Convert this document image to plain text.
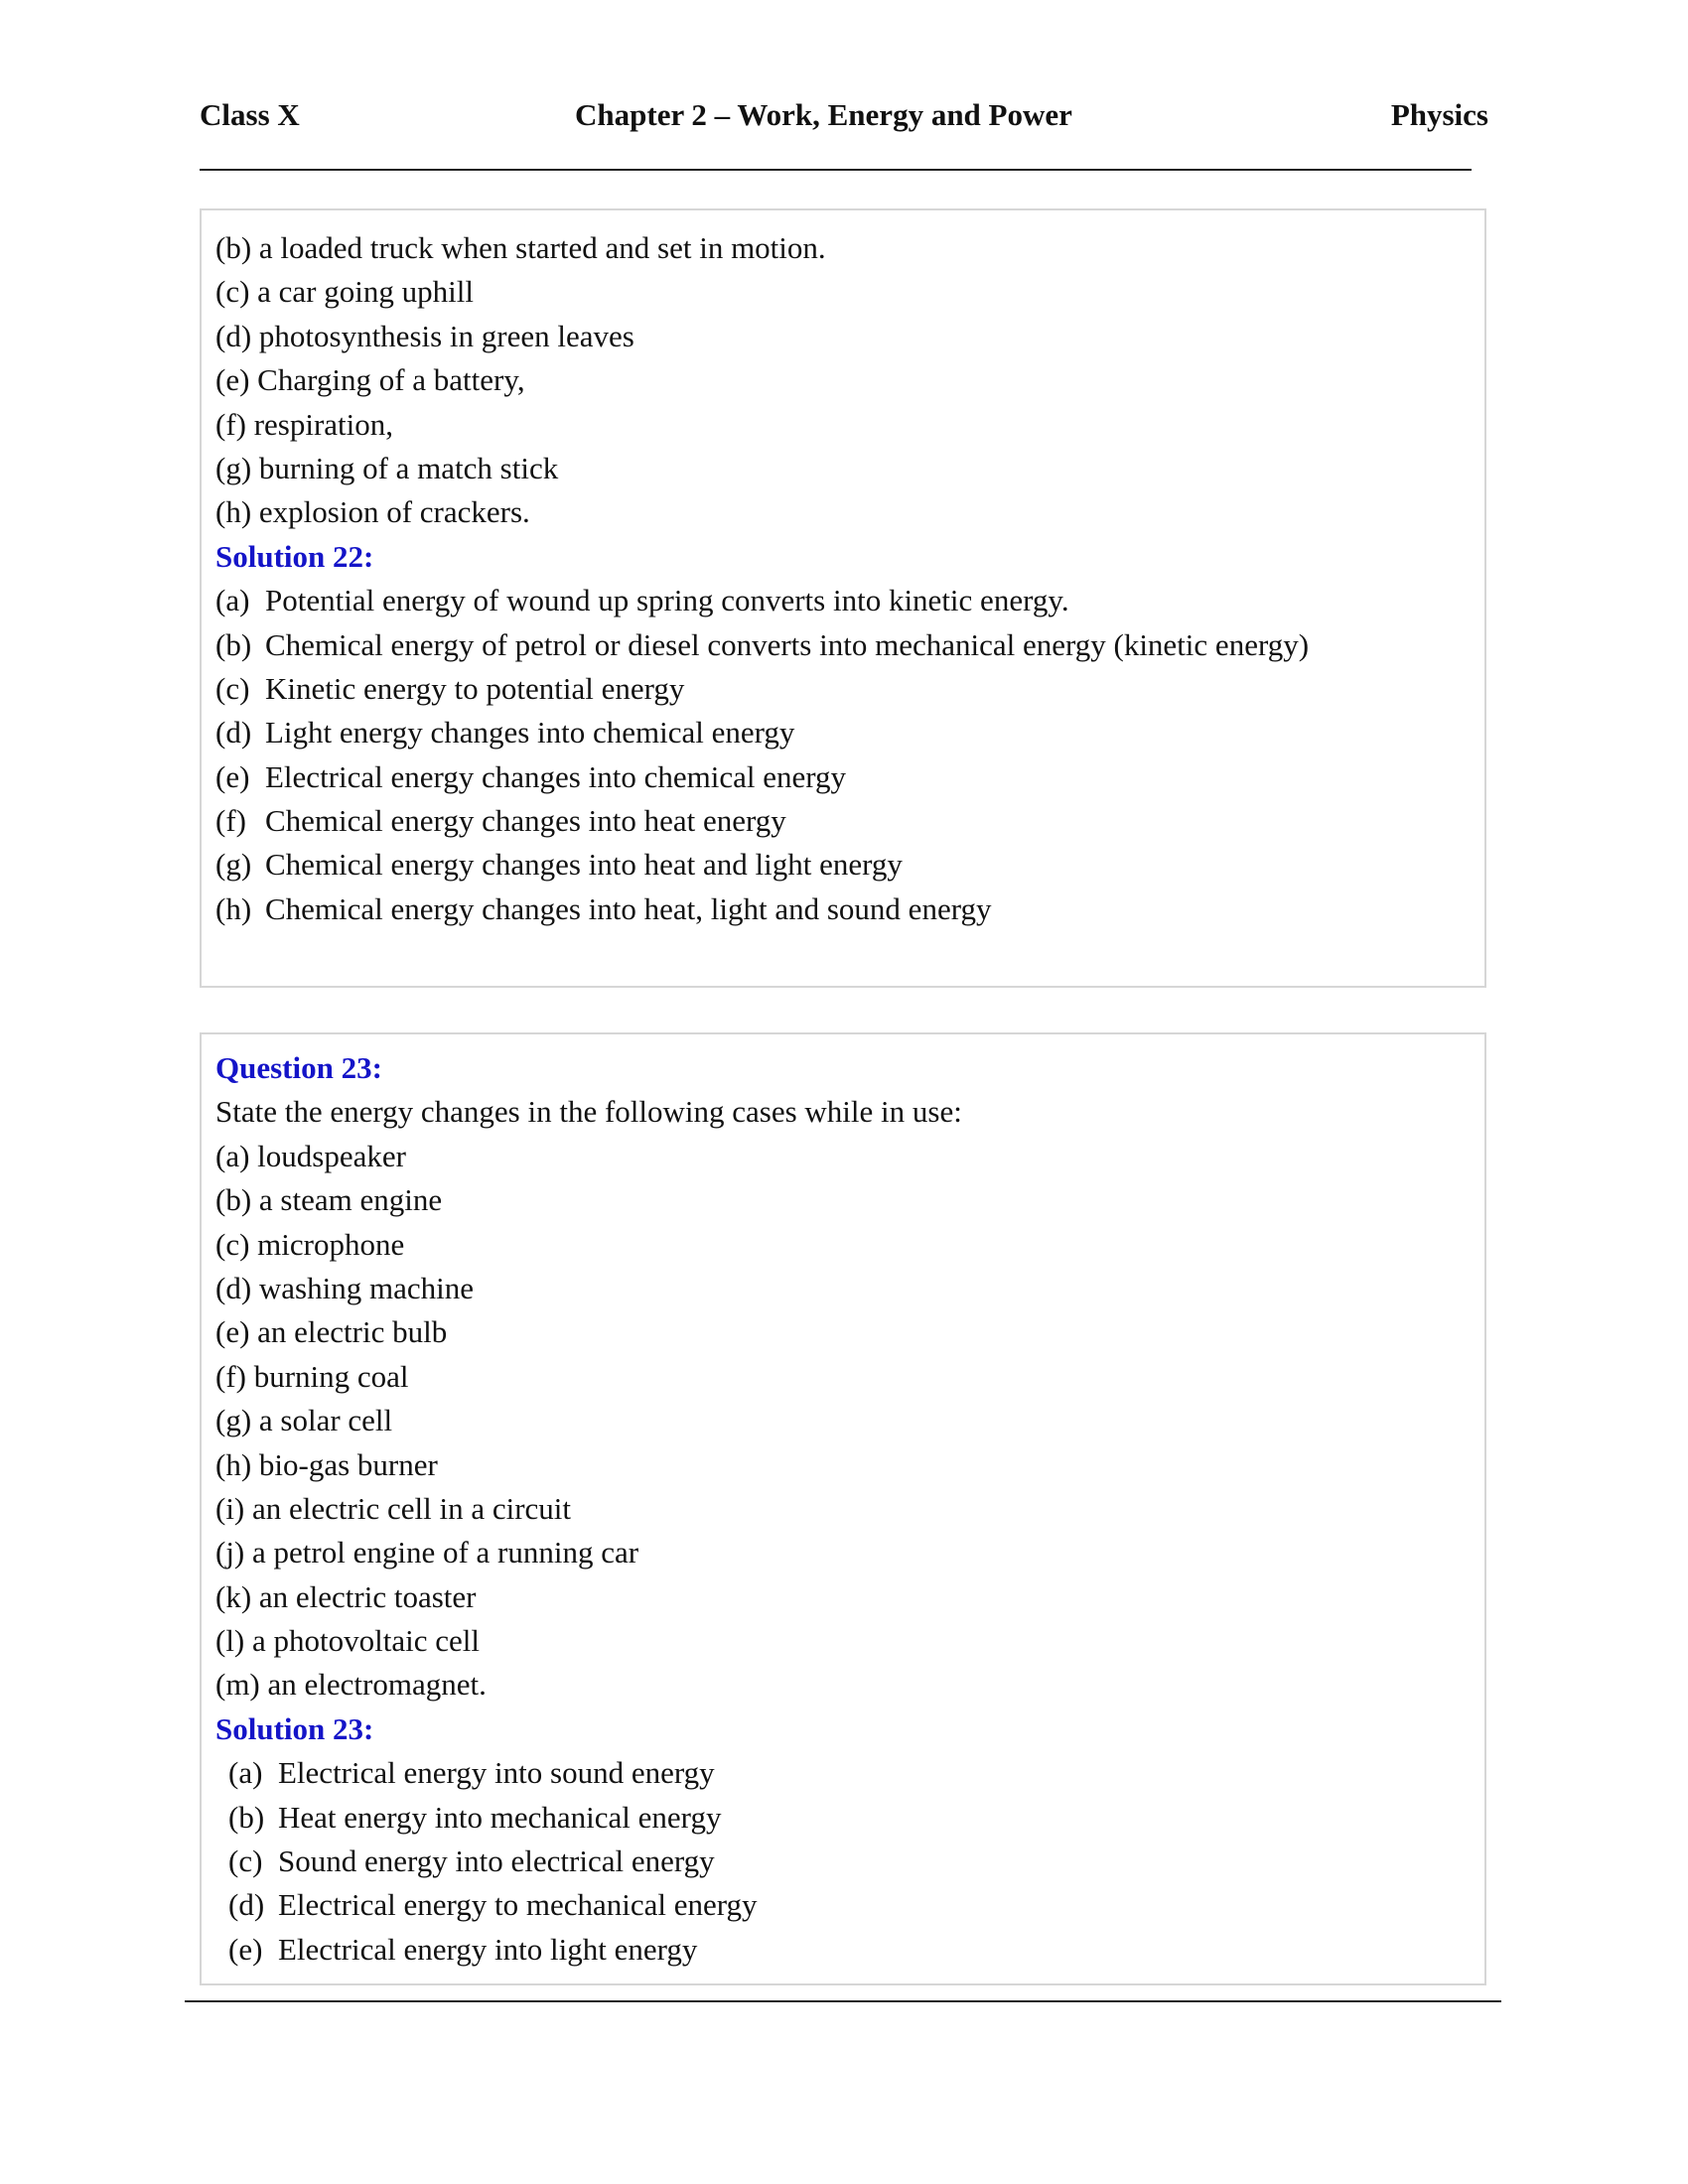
Class X	Chapter 2 – Work, Energy and Power	Physics
(b) a loaded truck when started and set in motion.
(c) a car going uphill
(d) photosynthesis in green leaves
(e) Charging of a battery,
(f) respiration,
(g) burning of a match stick
(h) explosion of crackers.
Solution 22:
(a) Potential energy of wound up spring converts into kinetic energy.
(b) Chemical energy of petrol or diesel converts into mechanical energy (kinetic energy)
(c) Kinetic energy to potential energy
(d) Light energy changes into chemical energy
(e) Electrical energy changes into chemical energy
(f) Chemical energy changes into heat energy
(g) Chemical energy changes into heat and light energy
(h) Chemical energy changes into heat, light and sound energy
Question 23:
State the energy changes in the following cases while in use:
(a) loudspeaker
(b) a steam engine
(c) microphone
(d) washing machine
(e) an electric bulb
(f) burning coal
(g) a solar cell
(h) bio-gas burner
(i) an electric cell in a circuit
(j) a petrol engine of a running car
(k) an electric toaster
(l) a photovoltaic cell
(m) an electromagnet.
Solution 23:
(a) Electrical energy into sound energy
(b) Heat energy into mechanical energy
(c) Sound energy into electrical energy
(d) Electrical energy to mechanical energy
(e) Electrical energy into light energy
